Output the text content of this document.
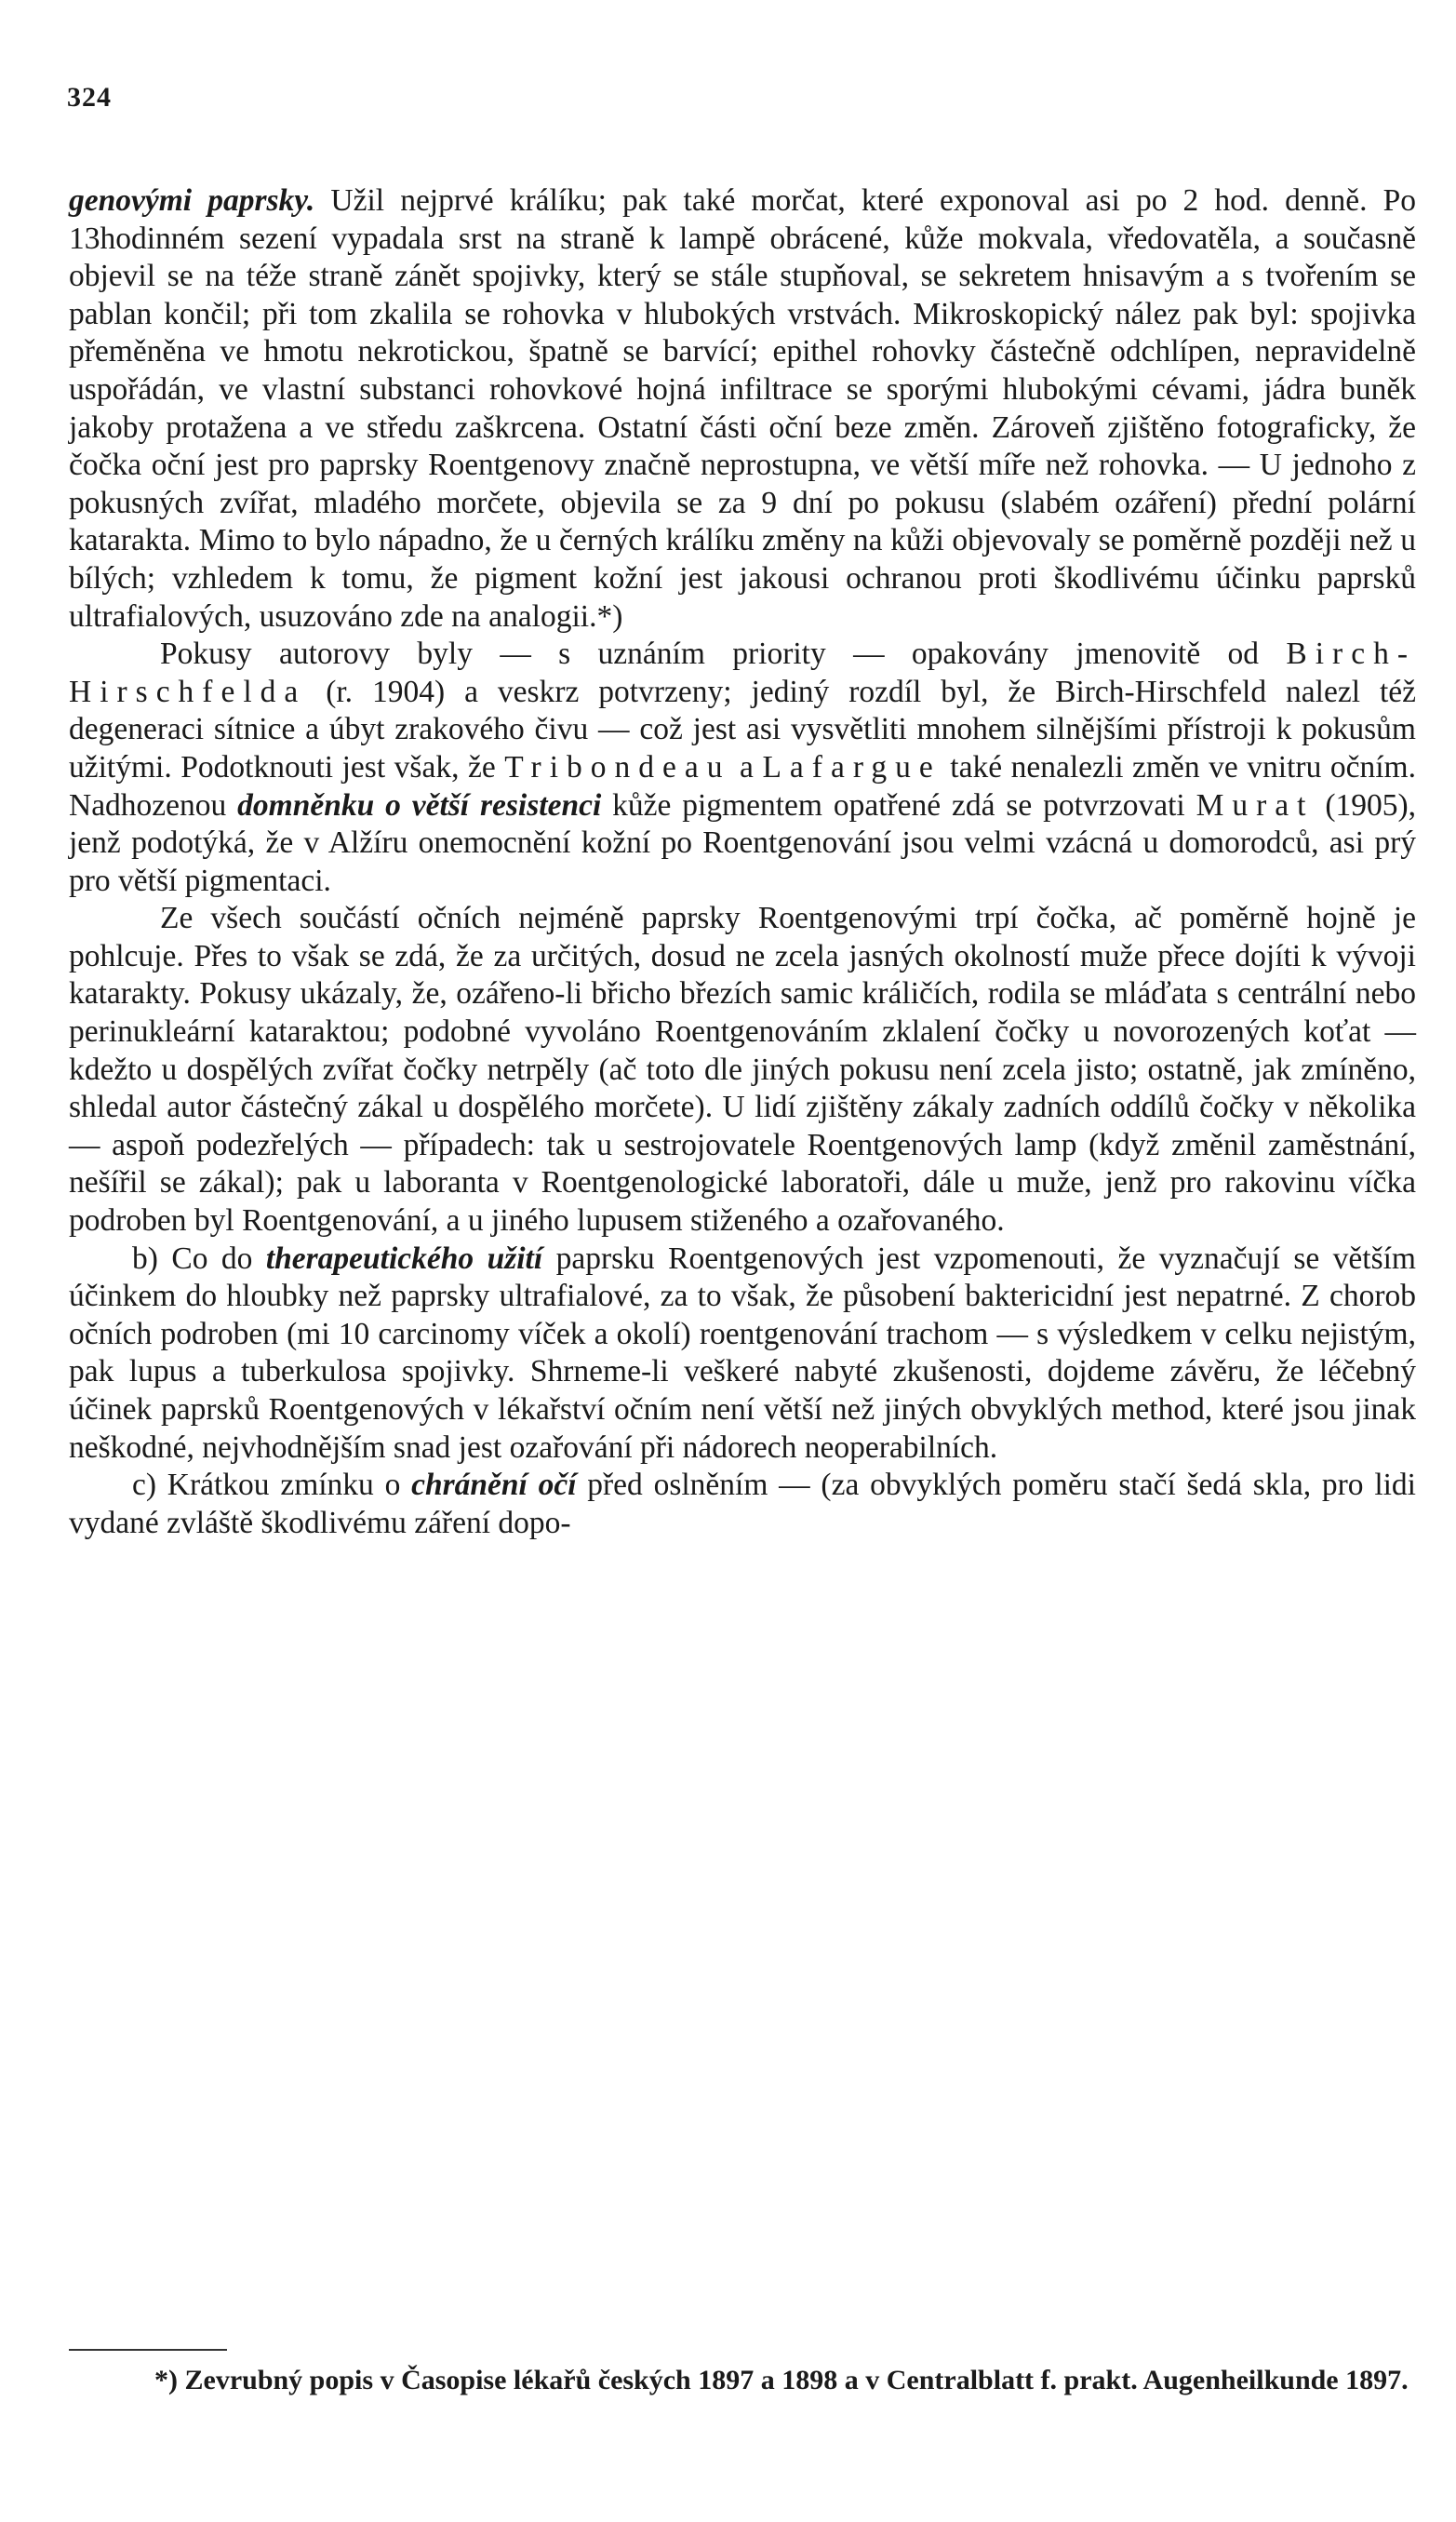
324

genovými paprsky. Užil nejprvé králíku; pak také morčat, které exponoval asi po 2 hod. denně. Po 13hodinném sezení vypadala srst na straně k lampě obrácené, kůže mokvala, vředovatěla, a současně objevil se na téže straně zánět spojivky, který se stále stupňoval, se sekretem hnisavým a s tvořením se pablan končil; při tom zkalila se rohovka v hlubokých vrstvách. Mikroskopický nález pak byl: spojivka přeměněna ve hmotu nekrotickou, špatně se barvící; epithel rohovky částečně odchlípen, nepravidelně uspořádán, ve vlastní substanci rohovkové hojná infiltrace se sporými hlubokými cévami, jádra buněk jakoby protažena a ve středu zaškrcena. Ostatní části oční beze změn. Zároveň zjištěno fotograficky, že čočka oční jest pro paprsky Roentgenovy značně neprostupna, ve větší míře než rohovka. — U jednoho z pokusných zvířat, mladého morčete, objevila se za 9 dní po pokusu (slabém ozáření) přední polární katarakta. Mimo to bylo nápadno, že u černých králíku změny na kůži objevovaly se poměrně později než u bílých; vzhledem k tomu, že pigment kožní jest jakousi ochranou proti škodlivému účinku paprsků ultrafialových, usuzováno zde na analogii.*)

Pokusy autorovy byly — s uznáním priority — opakovány jmenovitě od Birch-Hirschfelda (r. 1904) a veskrz potvrzeny; jediný rozdíl byl, že Birch-Hirschfeld nalezl též degeneraci sítnice a úbyt zrakového čivu — což jest asi vysvětliti mnohem silnějšími přístroji k pokusům užitými. Podotknouti jest však, že Tribondeau a Lafargue také nenalezli změn ve vnitru očním. Nadhozenou domněnku o větší resistenci kůže pigmentem opatřené zdá se potvrzovati Murat (1905), jenž podotýká, že v Alžíru onemocnění kožní po Roentgenování jsou velmi vzácná u domorodců, asi prý pro větší pigmentaci.

Ze všech součástí očních nejméně paprsky Roentgenovými trpí čočka, ač poměrně hojně je pohlcuje. Přes to však se zdá, že za určitých, dosud ne zcela jasných okolností muže přece dojíti k vývoji katarakty. Pokusy ukázaly, že, ozářeno-li břicho březích samic králičích, rodila se mláďata s centrální nebo perinukleární kataraktou; podobné vyvoláno Roentgenováním zklalení čočky u novorozených koťat — kdežto u dospělých zvířat čočky netrpěly (ač toto dle jiných pokusu není zcela jisto; ostatně, jak zmíněno, shledal autor částečný zákal u dospělého morčete). U lidí zjištěny zákaly zadních oddílů čočky v několika — aspoň podezřelých — případech: tak u sestrojovatele Roentgenových lamp (když změnil zaměstnání, nešířil se zákal); pak u laboranta v Roentgenologické laboratoři, dále u muže, jenž pro rakovinu víčka podroben byl Roentgenování, a u jiného lupusem stiženého a ozařovaného.

b) Co do therapeutického užití paprsku Roentgenových jest vzpomenouti, že vyznačují se větším účinkem do hloubky než paprsky ultrafialové, za to však, že působení baktericidní jest nepatrné. Z chorob očních podroben (mi 10 carcinomy víček a okolí) roentgenování trachom — s výsledkem v celku nejistým, pak lupus a tuberkulosa spojivky. Shrneme-li veškeré nabyté zkušenosti, dojdeme závěru, že léčebný účinek paprsků Roentgenových v lékařství očním není větší než jiných obvyklých method, které jsou jinak neškodné, nejvhodnějším snad jest ozařování při nádorech neoperabilních.

c) Krátkou zmínku o chránění očí před oslněním — (za obvyklých poměru stačí šedá skla, pro lidi vydané zvláště škodlivému záření dopo-

*) Zevrubný popis v Časopise lékařů českých 1897 a 1898 a v Centralblatt f. prakt. Augenheilkunde 1897.
